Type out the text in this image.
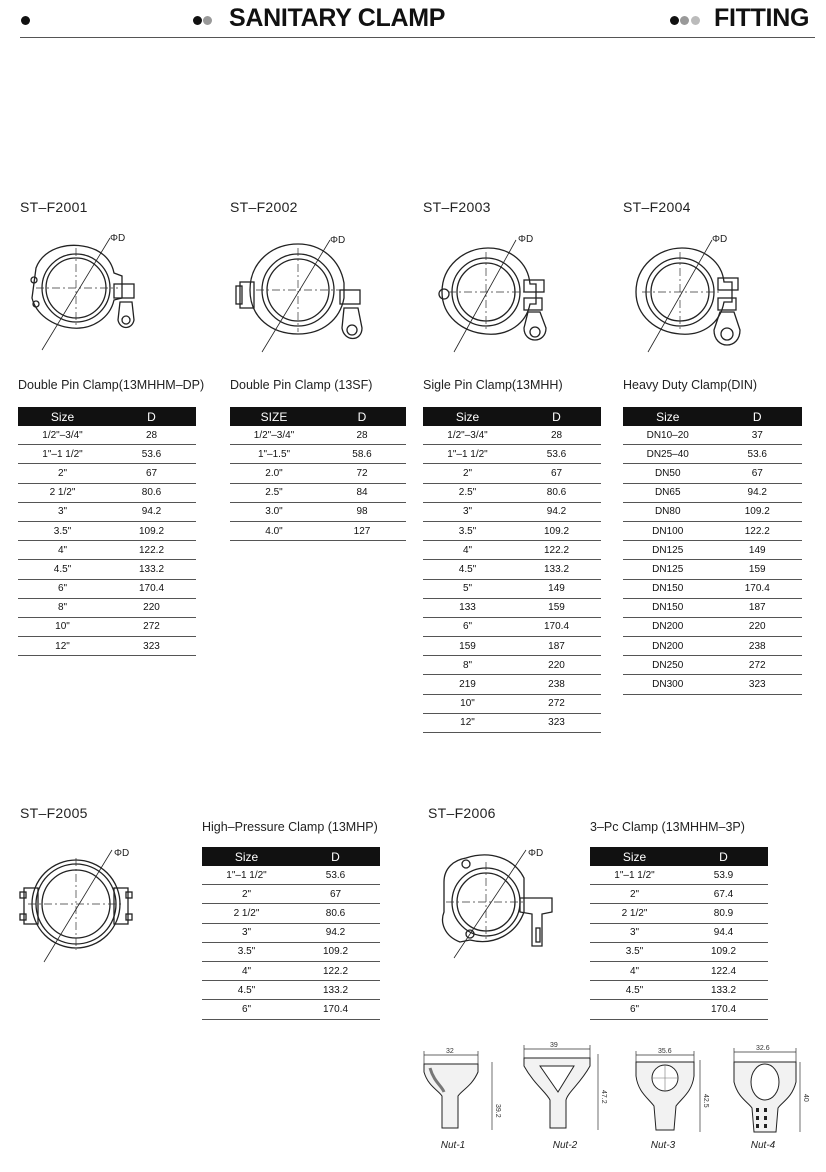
SANITARY CLAMP
	FITTING
ST–F2001	ST–F2002	ST–F2003	ST–F2004
ST–F2005	ST–F2006
Double Pin Clamp(13MHHM–DP) Double Pin Clamp (13SF)	Sigle Pin Clamp(13MHH)	Heavy Duty Clamp(DIN)
High–Pressure Clamp (13MHP)	3–Pc Clamp (13MHHM–3P)
Size	D
1/2"–3/4"	28
1"–1 1/2"	53.6
2"	67
2 1/2"	80.6
3"	94.2
3.5"	109.2
4"	122.2
4.5"	133.2
6"	170.4
8"	220
10"	272
12"	323
SIZE	D
1/2"–3/4"	28
1"–1.5"	58.6
2.0"	72
2.5"	84
3.0"	98
4.0"	127
Size	D
1/2"–3/4"	28
1"–1 1/2"	53.6
2"	67
2.5"	80.6
3"	94.2
3.5"	109.2
4"	122.2
4.5"	133.2
5"	149
133	159
6"	170.4
159	187
8"	220
219	238
10"	272
12"	323
Size	D
DN10–20	37
DN25–40	53.6
DN50	67
DN65	94.2
DN80	109.2
DN100	122.2
DN125	149
DN125	159
DN150	170.4
DN150	187
DN200	220
DN200	238
DN250	272
DN300	323
Size	D
1"–1 1/2"	53.6
2"	67
2 1/2"	80.6
3"	94.2
3.5"	109.2
4"	122.2
4.5"	133.2
6"	170.4
Size	D
1"–1 1/2"	53.9
2"	67.4
2 1/2"	80.9
3"	94.4
3.5"	109.2
4"	122.4
4.5"	133.2
6"	170.4
ΦD	ΦD	ΦD	ΦD
ΦD	ΦD
32
39.2
39
47.2
35.6
42.5
32.6
40
Nut-1	Nut-2	Nut-3	Nut-4
